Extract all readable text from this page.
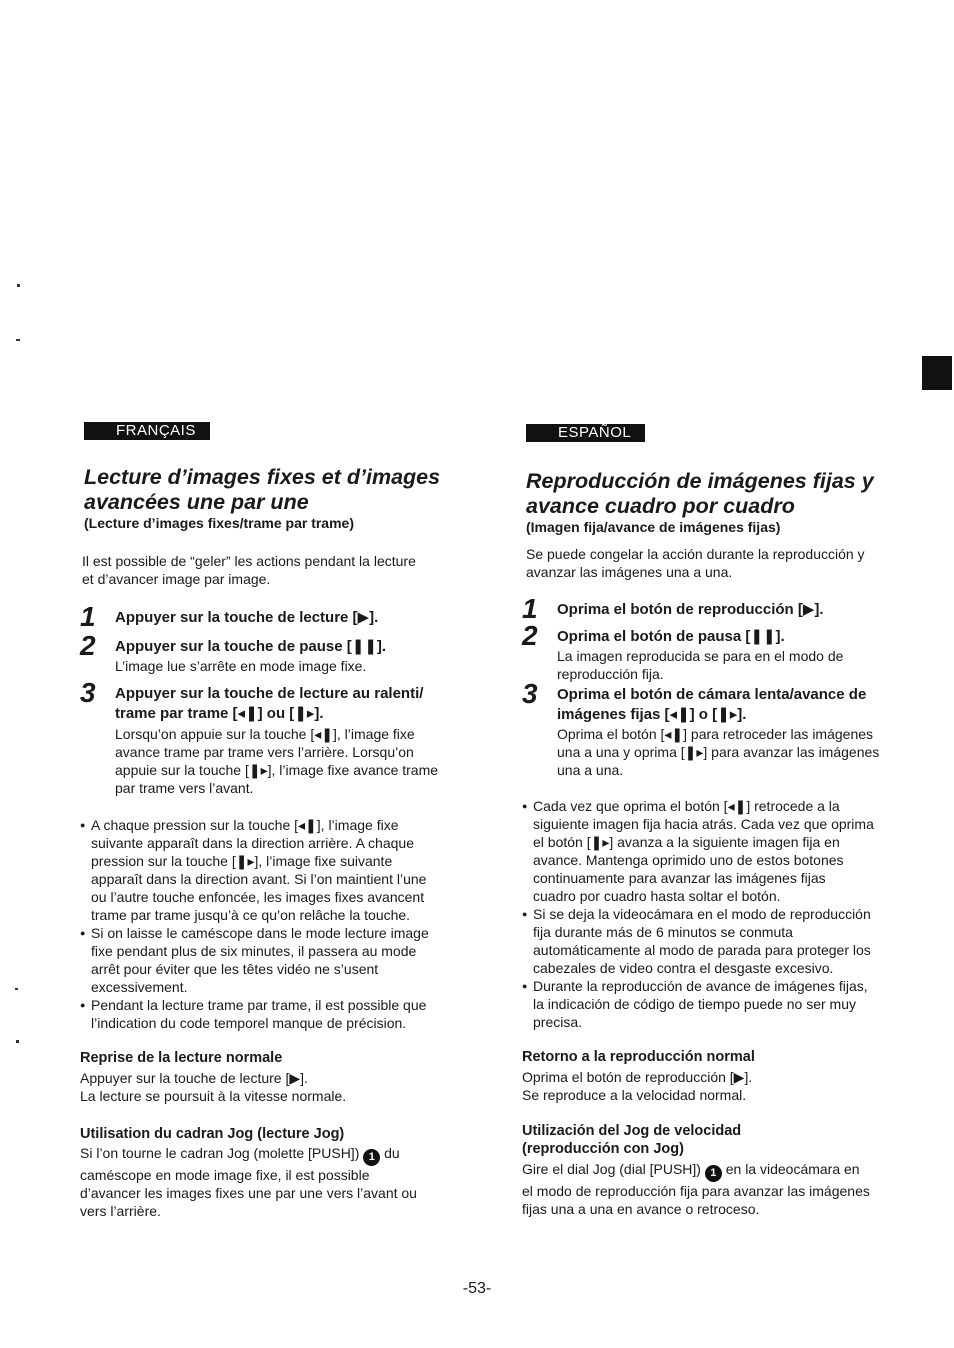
FRANÇAIS
Lecture d’images fixes et d’images
avancées une par une
(Lecture d’images fixes/trame par trame)
Il est possible de “geler” les actions pendant la lecture
et d’avancer image par image.
1 Appuyer sur la touche de lecture [▶].
2 Appuyer sur la touche de pause [❚❚].
L’image lue s’arrête en mode image fixe.
3 Appuyer sur la touche de lecture au ralenti/
trame par trame [◂❚] ou [❚▸].
Lorsqu’on appuie sur la touche [◂❚], l’image fixe
avance trame par trame vers l’arrière. Lorsqu’on
appuie sur la touche [❚▸], l’image fixe avance trame
par trame vers l’avant.
● A chaque pression sur la touche [◂❚], l’image fixe
suivante apparaît dans la direction arrière. A chaque
pression sur la touche [❚▸], l’image fixe suivante
apparaît dans la direction avant. Si l’on maintient l’une
ou l’autre touche enfoncée, les images fixes avancent
trame par trame jusqu’à ce qu’on relâche la touche.
● Si on laisse le caméscope dans le mode lecture image
fixe pendant plus de six minutes, il passera au mode
arrêt pour éviter que les têtes vidéo ne s’usent
excessivement.
● Pendant la lecture trame par trame, il est possible que
l’indication du code temporel manque de précision.
Reprise de la lecture normale
Appuyer sur la touche de lecture [▶].
La lecture se poursuit à la vitesse normale.
Utilisation du cadran Jog (lecture Jog)
Si l’on tourne le cadran Jog (molette [PUSH]) 1 du
caméscope en mode image fixe, il est possible
d’avancer les images fixes une par une vers l’avant ou
vers l’arrière.
ESPAÑOL
Reproducción de imágenes fijas y
avance cuadro por cuadro
(Imagen fija/avance de imágenes fijas)
Se puede congelar la acción durante la reproducción y
avanzar las imágenes una a una.
1 Oprima el botón de reproducción [▶].
2 Oprima el botón de pausa [❚❚].
La imagen reproducida se para en el modo de
reproducción fija.
3 Oprima el botón de cámara lenta/avance de
imágenes fijas [◂❚] o [❚▸].
Oprima el botón [◂❚] para retroceder las imágenes
una a una y oprima [❚▸] para avanzar las imágenes
una a una.
● Cada vez que oprima el botón [◂❚] retrocede a la
siguiente imagen fija hacia atrás. Cada vez que oprima
el botón [❚▸] avanza a la siguiente imagen fija en
avance. Mantenga oprimido uno de estos botones
continuamente para avanzar las imágenes fijas
cuadro por cuadro hasta soltar el botón.
● Si se deja la videocámara en el modo de reproducción
fija durante más de 6 minutos se conmuta
automáticamente al modo de parada para proteger los
cabezales de video contra el desgaste excesivo.
● Durante la reproducción de avance de imágenes fijas,
la indicación de código de tiempo puede no ser muy
precisa.
Retorno a la reproducción normal
Oprima el botón de reproducción [▶].
Se reproduce a la velocidad normal.
Utilización del Jog de velocidad
(reproducción con Jog)
Gire el dial Jog (dial [PUSH]) 1 en la videocámara en
el modo de reproducción fija para avanzar las imágenes
fijas una a una en avance o retroceso.
-53-
